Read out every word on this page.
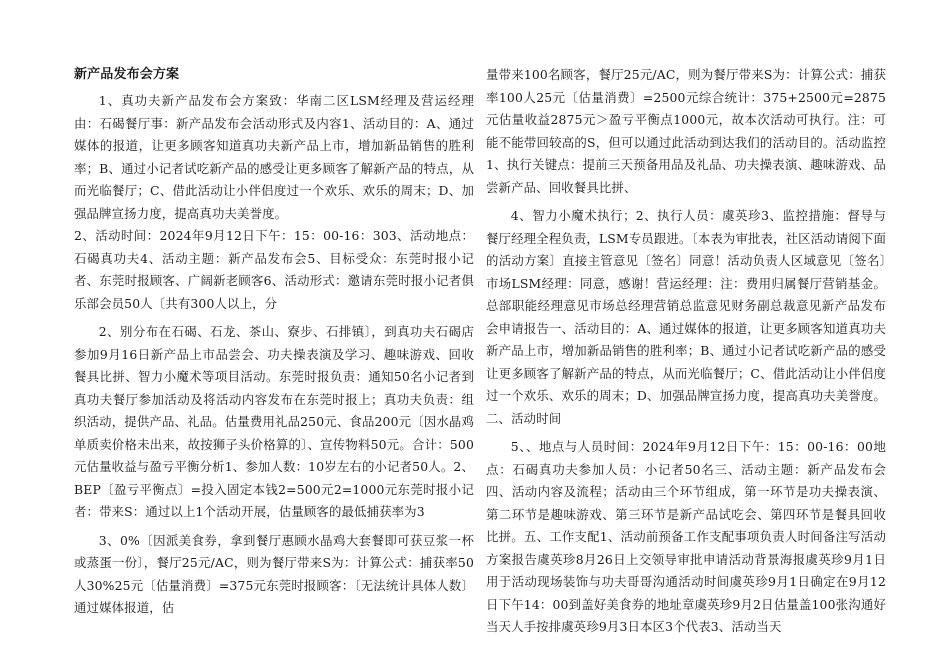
新产品发布会方案

1、真功夫新产品发布会方案致：华南二区LSM经理及营运经理由：石碣餐厅事：新产品发布会活动形式及内容1、活动目的：A、通过媒体的报道，让更多顾客知道真功夫新产品上市，增加新品销售的胜利率；B、通过小记者试吃新产品的感受让更多顾客了解新产品的特点，从而光临餐厅；C、借此活动让小伴侣度过一个欢乐、欢乐的周末；D、加强品牌宣扬力度，提高真功夫美誉度。

2、活动时间：2024年9月12日下午：15：00-16：303、活动地点：石碣真功夫4、活动主题：新产品发布会5、目标受众：东莞时报小记者、东莞时报顾客、广阔新老顾客6、活动形式：邀请东莞时报小记者俱乐部会员50人〔共有300人以上，分

2、别分布在石碣、石龙、茶山、寮步、石排镇〕，到真功夫石碣店参加9月16日新产品上市品尝会、功夫操表演及学习、趣味游戏、回收餐具比拼、智力小魔术等项目活动。东莞时报负责：通知50名小记者到真功夫餐厅参加活动及将活动内容发布在东莞时报上；真功夫负责：组织活动，提供产品、礼品。估量费用礼品250元、食品200元〔因水晶鸡单质卖价格未出来，故按狮子头价格算的〕、宣传物料50元。合计：500元估量收益与盈亏平衡分析1、参加人数：10岁左右的小记者50人。2、BEP〔盈亏平衡点〕=投入固定本钱2=500元2=1000元东莞时报小记者：带来S：通过以上1个活动开展，估量顾客的最低捕获率为3

3、0%〔因派美食券，拿到餐厅惠顾水晶鸡大套餐即可获豆浆一杯或蒸蛋一份〕，餐厅25元/AC，则为餐厅带来S为：计算公式：捕获率50人30%25元〔估量消费〕=375元东莞时报顾客：〔无法统计具体人数〕通过媒体报道，估

量带来100名顾客，餐厅25元/AC，则为餐厅带来S为：计算公式：捕获率100人25元〔估量消费〕=2500元综合统计：375+2500元=2875元估量收益2875元＞盈亏平衡点1000元，故本次活动可执行。注：可能不能带回较高的S，但可以通过此活动到达我们的活动目的。活动监控1、执行关键点：提前三天预备用品及礼品、功夫操表演、趣味游戏、品尝新产品、回收餐具比拼、

4、智力小魔术执行；2、执行人员：虞英珍3、监控措施：督导与餐厅经理全程负责，LSM专员跟进。〔本表为审批表，社区活动请阅下面的活动方案〕直接主管意见〔签名〕同意！活动负责人区域意见〔签名〕市场LSM经理：同意，感谢！营运经理：注：费用归属餐厅营销基金。总部职能经理意见市场总经理营销总监意见财务副总裁意见新产品发布会申请报告一、活动目的：A、通过媒体的报道，让更多顾客知道真功夫新产品上市，增加新品销售的胜利率；B、通过小记者试吃新产品的感受让更多顾客了解新产品的特点，从而光临餐厅；C、借此活动让小伴侣度过一个欢乐、欢乐的周末；D、加强品牌宣扬力度，提高真功夫美誉度。二、活动时间

5、、地点与人员时间：2024年9月12日下午：15：00-16：00地点：石碣真功夫参加人员：小记者50名三、活动主题：新产品发布会四、活动内容及流程；活动由三个环节组成，第一环节是功夫操表演、第二环节是趣味游戏、第三环节是新产品试吃会、第四环节是餐具回收比拼。五、工作支配1、活动前预备工作支配事项负责人时间备注写活动方案报告虞英珍8月26日上交领导审批申请活动背景海报虞英珍9月1日用于活动现场装饰与功夫哥哥沟通活动时间虞英珍9月1日确定在9月12日下午14：00到盖好美食券的地址章虞英珍9月2日估量盖100张沟通好当天人手按排虞英珍9月3日本区3个代表3、活动当天
